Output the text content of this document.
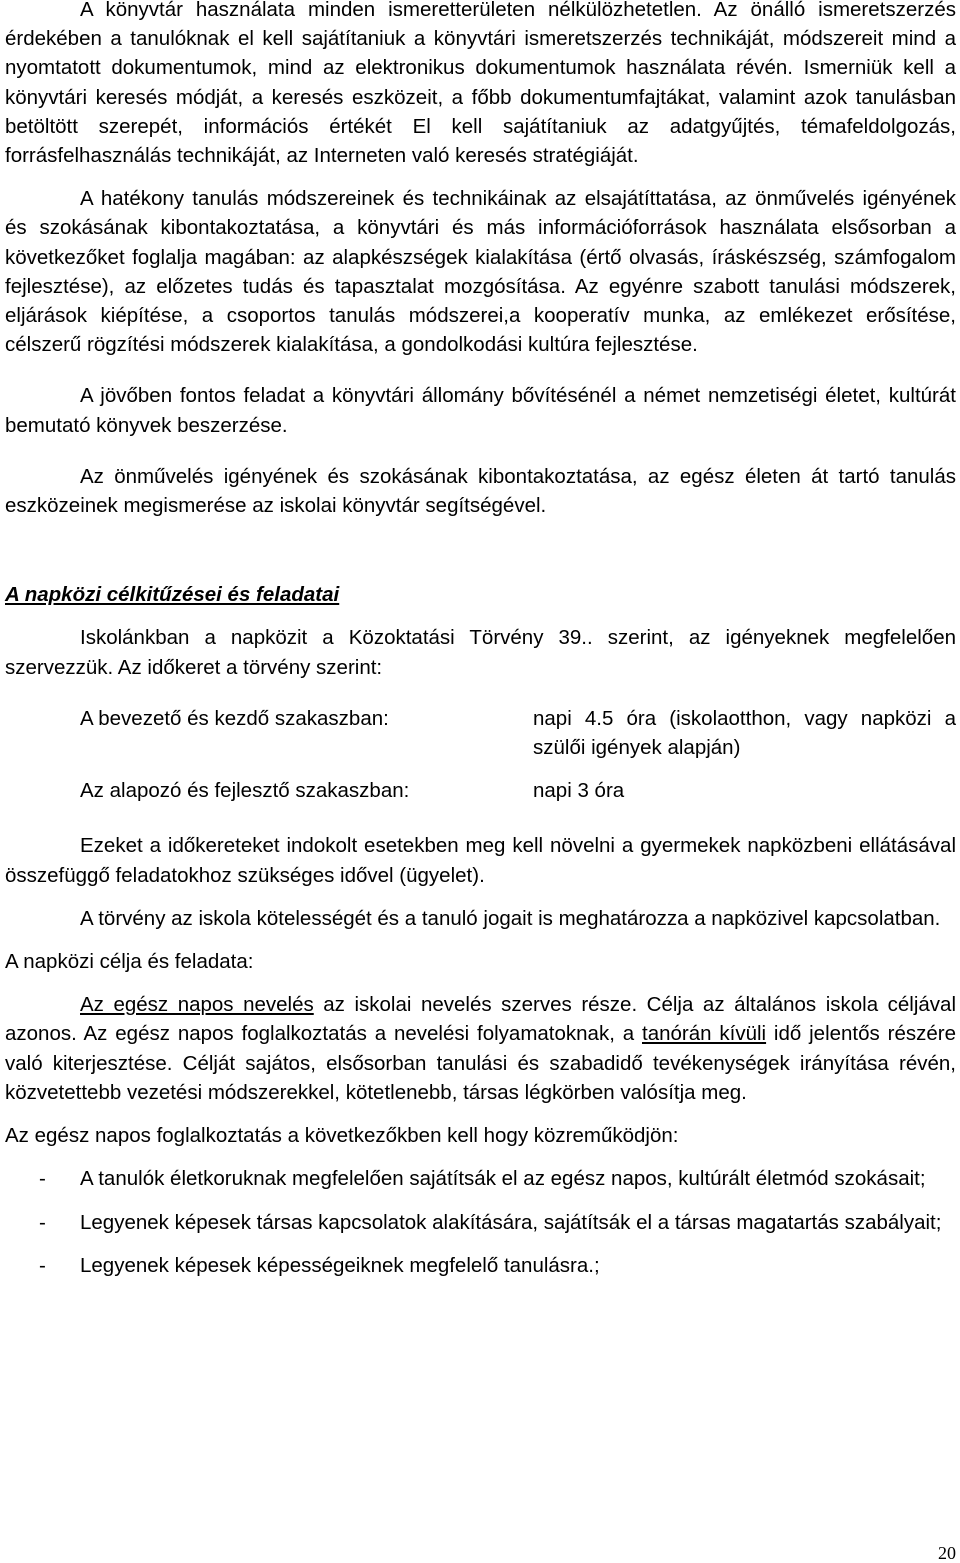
A könyvtár használata minden ismeretterületen nélkülözhetetlen. Az önálló ismeretszerzés érdekében a tanulóknak el kell sajátítaniuk a könyvtári ismeretszerzés technikáját, módszereit mind a nyomtatott dokumentumok, mind az elektronikus dokumentumok használata révén. Ismerniük kell a könyvtári keresés módját, a keresés eszközeit, a főbb dokumentumfajtákat, valamint azok tanulásban betöltött szerepét, információs értékét El kell sajátítaniuk az adatgyűjtés, témafeldolgozás, forrásfelhasználás technikáját, az Interneten való keresés stratégiáját.

A hatékony tanulás módszereinek és technikáinak az elsajátíttatása, az önművelés igényének és szokásának kibontakoztatása, a könyvtári és más információforrások használata elsősorban a következőket foglalja magában: az alapkészségek kialakítása (értő olvasás, íráskészség, számfogalom fejlesztése), az előzetes tudás és tapasztalat mozgósítása. Az egyénre szabott tanulási módszerek, eljárások kiépítése, a csoportos tanulás módszerei,a kooperatív munka, az emlékezet erősítése, célszerű rögzítési módszerek kialakítása, a gondolkodási kultúra fejlesztése.

A jövőben fontos feladat a könyvtári állomány bővítésénél a német nemzetiségi életet, kultúrát bemutató könyvek beszerzése.

Az önművelés igényének és szokásának kibontakoztatása, az egész életen át tartó tanulás eszközeinek megismerése az iskolai könyvtár segítségével.

A napközi célkitűzései és feladatai

Iskolánkban a napközit a Közoktatási Törvény 39.. szerint, az igényeknek megfelelően szervezzük. Az időkeret a törvény szerint:

A bevezető és kezdő szakaszban:	napi 4.5 óra (iskolaotthon, vagy napközi a szülői igények alapján)
Az alapozó és fejlesztő szakaszban:	napi 3 óra

Ezeket a időkereteket indokolt esetekben meg kell növelni a gyermekek napközbeni ellátásával összefüggő feladatokhoz szükséges idővel (ügyelet).

A törvény az iskola kötelességét és a tanuló jogait is meghatározza a napközivel kapcsolatban.

A napközi célja és feladata:

Az egész napos nevelés az iskolai nevelés szerves része. Célja az általános iskola céljával azonos. Az egész napos foglalkoztatás a nevelési folyamatoknak, a tanórán kívüli idő jelentős részére való kiterjesztése. Célját sajátos, elsősorban tanulási és szabadidő tevékenységek irányítása révén, közvetettebb vezetési módszerekkel, kötetlenebb, társas légkörben valósítja meg.

Az egész napos foglalkoztatás a következőkben kell hogy közreműködjön:

-	A tanulók életkoruknak megfelelően sajátítsák el az egész napos, kultúrált életmód szokásait;
-	Legyenek képesek társas kapcsolatok alakítására, sajátítsák el a társas magatartás szabályait;
-	Legyenek képesek képességeiknek megfelelő tanulásra.;
20
